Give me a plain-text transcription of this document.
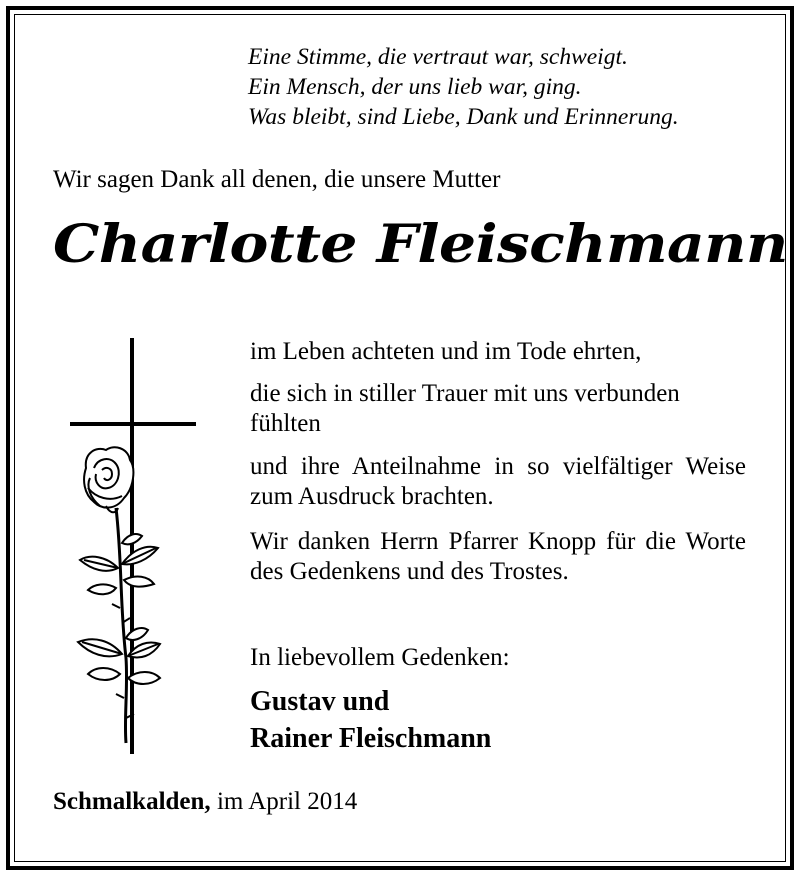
Eine Stimme, die vertraut war, schweigt.
Ein Mensch, der uns lieb war, ging.
Was bleibt, sind Liebe, Dank und Erinnerung.
Wir sagen Dank all denen, die unsere Mutter
Charlotte Fleischmann
im Leben achteten und im Tode ehrten,
die sich in stiller Trauer mit uns verbunden fühlten
und ihre Anteilnahme in so vielfältiger Weise zum Ausdruck brachten.
Wir danken Herrn Pfarrer Knopp für die Worte des Gedenkens und des Trostes.
In liebevollem Gedenken:
Gustav und
Rainer Fleischmann
Schmalkalden, im April 2014
